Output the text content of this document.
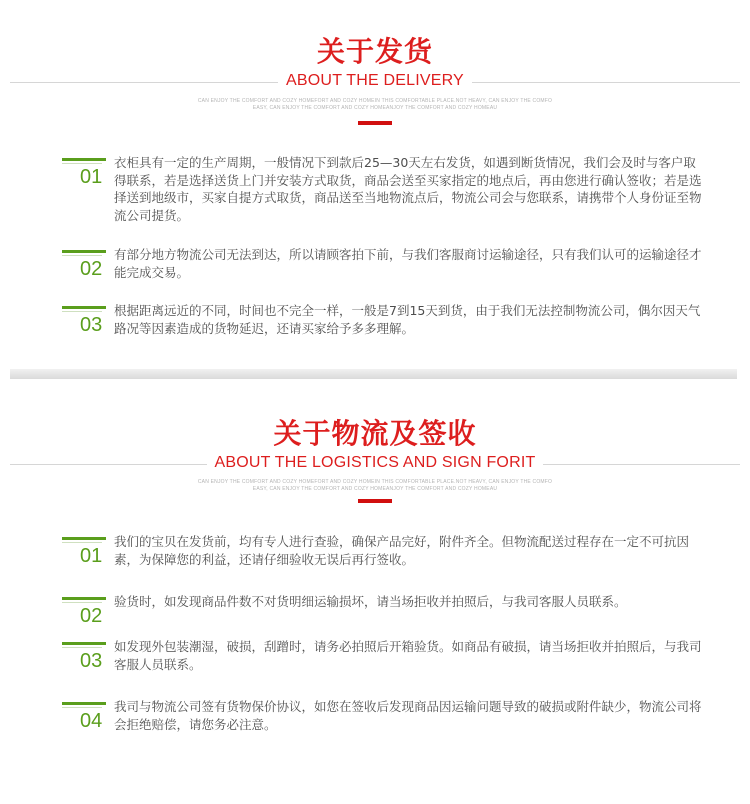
关于发货
ABOUT THE DELIVERY
CAN ENJOY THE COMFORT AND COZY HOMEFORT AND COZY HOMEIN THIS COMFORTABLE PLACE.NOT HEAVY, CAN ENJOY THE COMFO
EASY, CAN ENJOY THE COMFORT AND COZY HOMEANJOY THE COMFORT AND COZY HOMEAU
01
衣柜具有一定的生产周期，一般情况下到款后25—30天左右发货，如遇到断货情况，我们会及时与客户取得联系，若是选择送货上门并安装方式取货，商品会送至买家指定的地点后，再由您进行确认签收；若是选择送到地级市，买家自提方式取货，商品送至当地物流点后，物流公司会与您联系，请携带个人身份证至物流公司提货。
02
有部分地方物流公司无法到达，所以请顾客拍下前，与我们客服商讨运输途径，只有我们认可的运输途径才能完成交易。
03
根据距离远近的不同，时间也不完全一样，一般是7到15天到货，由于我们无法控制物流公司，偶尔因天气路况等因素造成的货物延迟，还请买家给予多多理解。
关于物流及签收
ABOUT THE LOGISTICS AND SIGN FORIT
CAN ENJOY THE COMFORT AND COZY HOMEFORT AND COZY HOMEIN THIS COMFORTABLE PLACE.NOT HEAVY, CAN ENJOY THE COMFO
EASY, CAN ENJOY THE COMFORT AND COZY HOMEANJOY THE COMFORT AND COZY HOMEAU
01
我们的宝贝在发货前，均有专人进行查验，确保产品完好，附件齐全。但物流配送过程存在一定不可抗因素，为保障您的利益，还请仔细验收无误后再行签收。
02
验货时，如发现商品件数不对货明细运输损坏，请当场拒收并拍照后，与我司客服人员联系。
03
如发现外包装潮湿，破损，刮蹭时，请务必拍照后开箱验货。如商品有破损，请当场拒收并拍照后，与我司客服人员联系。
04
我司与物流公司签有货物保价协议，如您在签收后发现商品因运输问题导致的破损或附件缺少，物流公司将会拒绝赔偿，请您务必注意。
